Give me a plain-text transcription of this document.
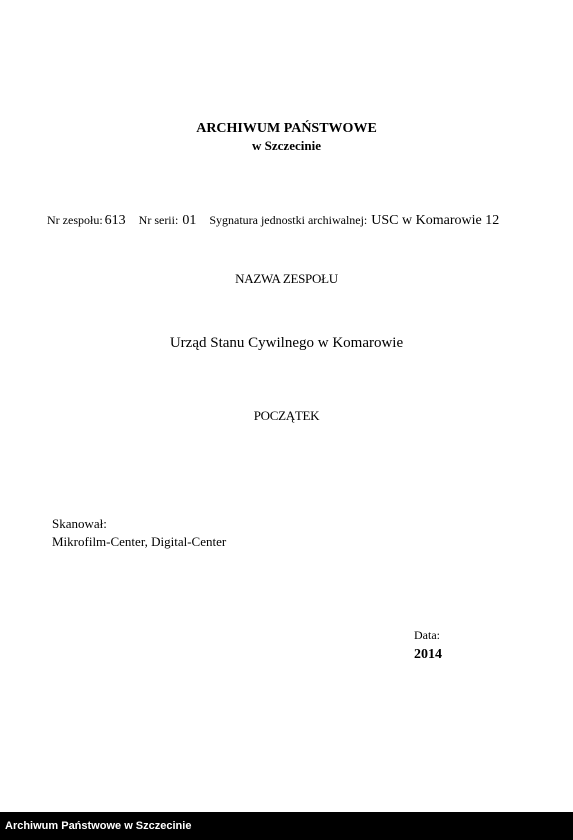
ARCHIWUM PAŃSTWOWE
w Szczecinie
Nr zespołu: 613 Nr serii: 01 Sygnatura jednostki archiwalnej: USC w Komarowie 12
NAZWA ZESPOŁU
Urząd Stanu Cywilnego w Komarowie
POCZĄTEK
Skanował:
Mikrofilm-Center, Digital-Center
Data:
2014
Archiwum Państwowe w Szczecinie
